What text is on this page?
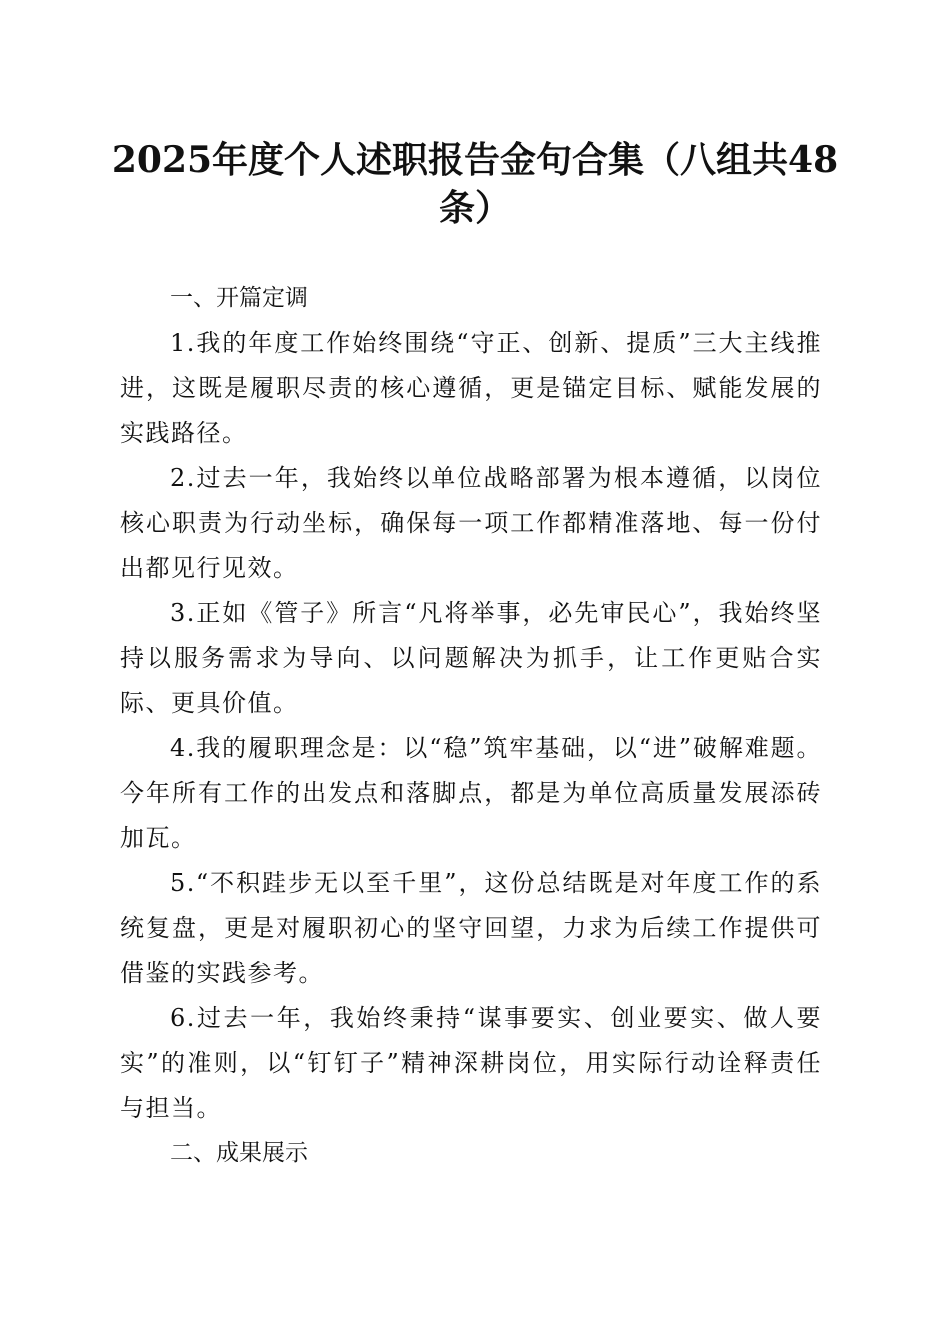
2025年度个人述职报告金句合集（八组共48条）

一、开篇定调

1.我的年度工作始终围绕“守正、创新、提质”三大主线推进，这既是履职尽责的核心遵循，更是锚定目标、赋能发展的实践路径。

2.过去一年，我始终以单位战略部署为根本遵循，以岗位核心职责为行动坐标，确保每一项工作都精准落地、每一份付出都见行见效。

3.正如《管子》所言“凡将举事，必先审民心”，我始终坚持以服务需求为导向、以问题解决为抓手，让工作更贴合实际、更具价值。

4.我的履职理念是：以“稳”筑牢基础，以“进”破解难题。今年所有工作的出发点和落脚点，都是为单位高质量发展添砖加瓦。

5.“不积跬步无以至千里”，这份总结既是对年度工作的系统复盘，更是对履职初心的坚守回望，力求为后续工作提供可借鉴的实践参考。

6.过去一年，我始终秉持“谋事要实、创业要实、做人要实”的准则，以“钉钉子”精神深耕岗位，用实际行动诠释责任与担当。

二、成果展示
